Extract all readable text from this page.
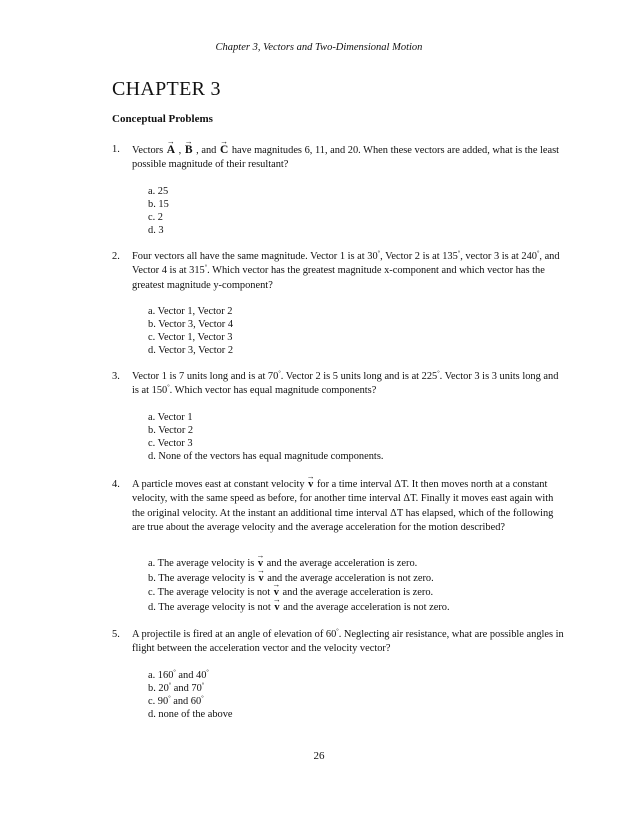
Chapter 3, Vectors and Two-Dimensional Motion
CHAPTER 3
Conceptual Problems
1. Vectors → A , → B , and → C have magnitudes 6, 11, and 20. When these vectors are added, what is the least possible magnitude of their resultant?
a. 25
b. 15
c. 2
d. 3
2. Four vectors all have the same magnitude. Vector 1 is at 30°, Vector 2 is at 135°, vector 3 is at 240°, and Vector 4 is at 315°. Which vector has the greatest magnitude x-component and which vector has the greatest magnitude y-component?
a. Vector 1, Vector 2
b. Vector 3, Vector 4
c. Vector 1, Vector 3
d. Vector 3, Vector 2
3. Vector 1 is 7 units long and is at 70°. Vector 2 is 5 units long and is at 225°. Vector 3 is 3 units long and is at 150°. Which vector has equal magnitude components?
a. Vector 1
b. Vector 2
c. Vector 3
d. None of the vectors has equal magnitude components.
4. A particle moves east at constant velocity → v for a time interval ΔT. It then moves north at a constant velocity, with the same speed as before, for another time interval ΔT. Finally it moves east again with the original velocity. At the instant an additional time interval ΔT has elapsed, which of the following are true about the average velocity and the average acceleration for the motion described?
a. The average velocity is → v and the average acceleration is zero.
b. The average velocity is → v and the average acceleration is not zero.
c. The average velocity is not → v and the average acceleration is zero.
d. The average velocity is not → v and the average acceleration is not zero.
5. A projectile is fired at an angle of elevation of 60°. Neglecting air resistance, what are possible angles in flight between the acceleration vector and the velocity vector?
a. 160° and 40°
b. 20° and 70°
c. 90° and 60°
d. none of the above
26
